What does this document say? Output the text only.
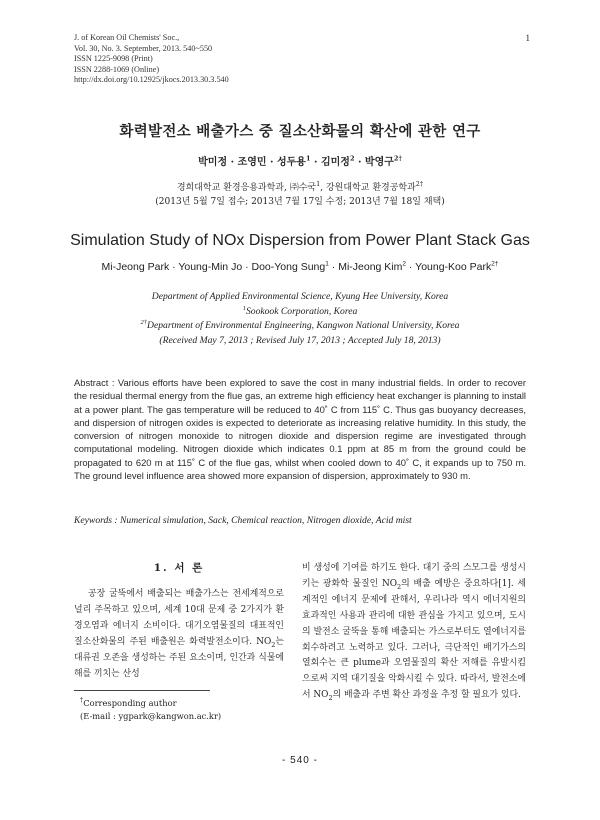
J. of Korean Oil Chemists' Soc.,
Vol. 30, No. 3. September, 2013. 540~550
ISSN 1225-9098 (Print)
ISSN 2288-1069 (Online)
http://dx.doi.org/10.12925/jkocs.2013.30.3.540
1
화력발전소 배출가스 중 질소산화물의 확산에 관한 연구
박미정 · 조영민 · 성두용$^1$ · 김미정$^2$ · 박영구$^{2\dagger}$
경희대학교 환경응용과학과, ㈜수국$^1$, 강원대학교 환경공학과$^{2\dagger}$
(2013년 5월 7일 접수; 2013년 7월 17일 수정; 2013년 7월 18일 채택)
Simulation Study of NOx Dispersion from Power Plant Stack Gas
Mi-Jeong Park · Young-Min Jo · Doo-Yong Sung$^1$ · Mi-Jeong Kim$^2$ · Young-Koo Park$^{2\dagger}$
Department of Applied Environmental Science, Kyung Hee University, Korea
$^1$Sookook Corporation, Korea
$^{2\dagger}$Department of Environmental Engineering, Kangwon National University, Korea
(Received May 7, 2013 ; Revised July 17, 2013 ; Accepted July 18, 2013)
Abstract : Various efforts have been explored to save the cost in many industrial fields. In order to recover the residual thermal energy from the flue gas, an extreme high efficiency heat exchanger is planning to install at a power plant. The gas temperature will be reduced to 40˚ C from 115˚ C. Thus gas buoyancy decreases, and dispersion of nitrogen oxides is expected to deteriorate as increasing relative humidity. In this study, the conversion of nitrogen monoxide to nitrogen dioxide and dispersion regime are investigated through computational modeling. Nitrogen dioxide which indicates 0.1 ppm at 85 m from the ground could be propagated to 620 m at 115˚ C of the flue gas, whilst when cooled down to 40˚ C, it expands up to 750 m. The ground level influence area showed more expansion of dispersion, approximately to 930 m.
Keywords : Numerical simulation, Sack, Chemical reaction, Nitrogen dioxide, Acid mist
1. 서 론
공장 굴뚝에서 배출되는 배출가스는 전세계적으로 널리 주목하고 있으며, 세계 10대 문제 중 2가지가 환경오염과 에너지 소비이다. 대기오염물질의 대표적인 질소산화물의 주된 배출원은 화력발전소이다. $NO_2$는 대류권 오존을 생성하는 주된 요소이며, 인간과 식물에 해를 끼치는 산성
비 생성에 기여를 하기도 한다. 대기 중의 스모그를 생성시키는 광화학 물질인 $NO_2$의 배출 예방은 중요하다[1]. 세계적인 에너지 문제에 관해서, 우리나라 역시 에너지원의 효과적인 사용과 관리에 대한 관심을 가지고 있으며, 도시의 발전소 굴뚝을 통해 배출되는 가스로부터도 열에너지를 회수하려고 노력하고 있다. 그러나, 극단적인 배기가스의 열회수는 큰 plume과 오염물질의 확산 저해를 유발시킴으로써 지역 대기질을 악화시킬 수 있다. 따라서, 발전소에서 $NO_2$의 배출과 주변 확산 과정을 추정 할 필요가 있다.
†Corresponding author
(E-mail : ygpark@kangwon.ac.kr)
- 540 -
